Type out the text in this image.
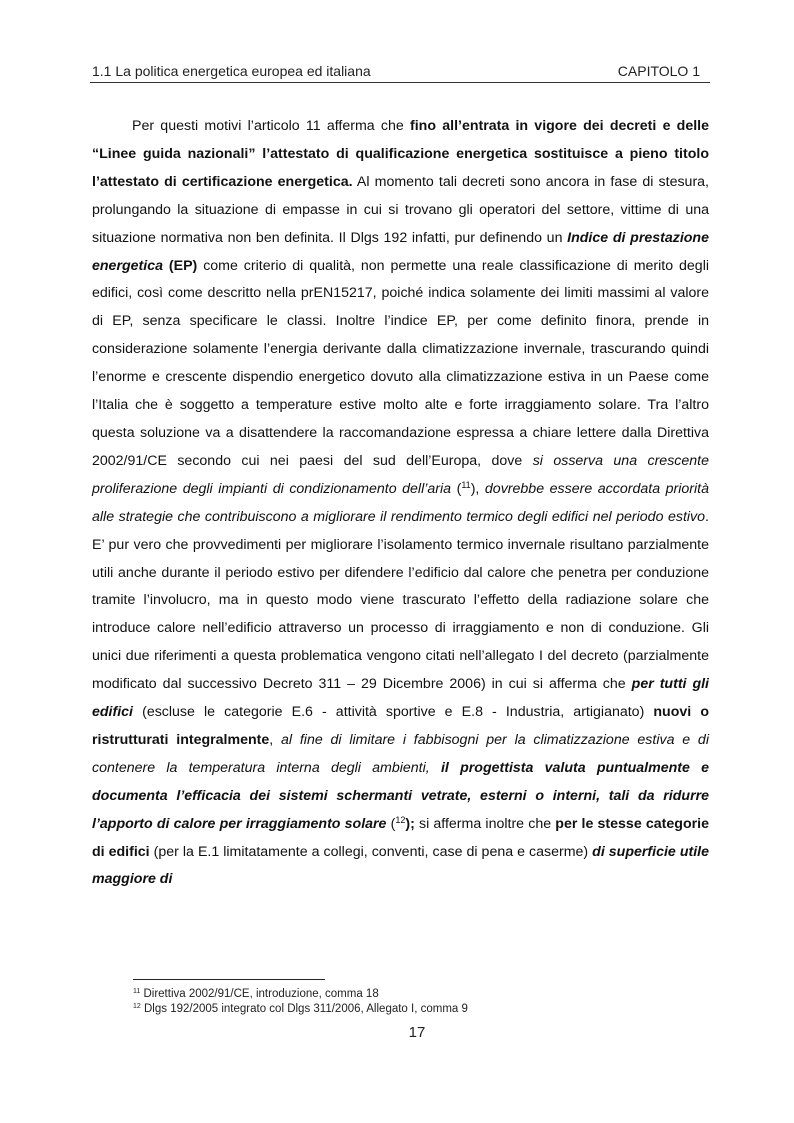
1.1 La politica energetica europea ed italiana	CAPITOLO 1

Per questi motivi l’articolo 11 afferma che fino all’entrata in vigore dei decreti e delle “Linee guida nazionali” l’attestato di qualificazione energetica sostituisce a pieno titolo l’attestato di certificazione energetica. Al momento tali decreti sono ancora in fase di stesura, prolungando la situazione di empasse in cui si trovano gli operatori del settore, vittime di una situazione normativa non ben definita. Il Dlgs 192 infatti, pur definendo un Indice di prestazione energetica (EP) come criterio di qualità, non permette una reale classificazione di merito degli edifici, così come descritto nella prEN15217, poiché indica solamente dei limiti massimi al valore di EP, senza specificare le classi. Inoltre l’indice EP, per come definito finora, prende in considerazione solamente l’energia derivante dalla climatizzazione invernale, trascurando quindi l’enorme e crescente dispendio energetico dovuto alla climatizzazione estiva in un Paese come l’Italia che è soggetto a temperature estive molto alte e forte irraggiamento solare. Tra l’altro questa soluzione va a disattendere la raccomandazione espressa a chiare lettere dalla Direttiva 2002/91/CE secondo cui nei paesi del sud dell’Europa, dove si osserva una crescente proliferazione degli impianti di condizionamento dell’aria ($^{11}$), dovrebbe essere accordata priorità alle strategie che contribuiscono a migliorare il rendimento termico degli edifici nel periodo estivo. E’ pur vero che provvedimenti per migliorare l’isolamento termico invernale risultano parzialmente utili anche durante il periodo estivo per difendere l’edificio dal calore che penetra per conduzione tramite l’involucro, ma in questo modo viene trascurato l’effetto della radiazione solare che introduce calore nell’edificio attraverso un processo di irraggiamento e non di conduzione. Gli unici due riferimenti a questa problematica vengono citati nell’allegato I del decreto (parzialmente modificato dal successivo Decreto 311 – 29 Dicembre 2006) in cui si afferma che per tutti gli edifici (escluse le categorie E.6 - attività sportive e E.8 - Industria, artigianato) nuovi o ristrutturati integralmente, al fine di limitare i fabbisogni per la climatizzazione estiva e di contenere la temperatura interna degli ambienti, il progettista valuta puntualmente e documenta l’efficacia dei sistemi schermanti vetrate, esterni o interni, tali da ridurre l’apporto di calore per irraggiamento solare ($^{12}$); si afferma inoltre che per le stesse categorie di edifici (per la E.1 limitatamente a collegi, conventi, case di pena e caserme) di superficie utile maggiore di

$^{11}$ Direttiva 2002/91/CE, introduzione, comma 18
$^{12}$ Dlgs 192/2005 integrato col Dlgs 311/2006, Allegato I, comma 9
17
